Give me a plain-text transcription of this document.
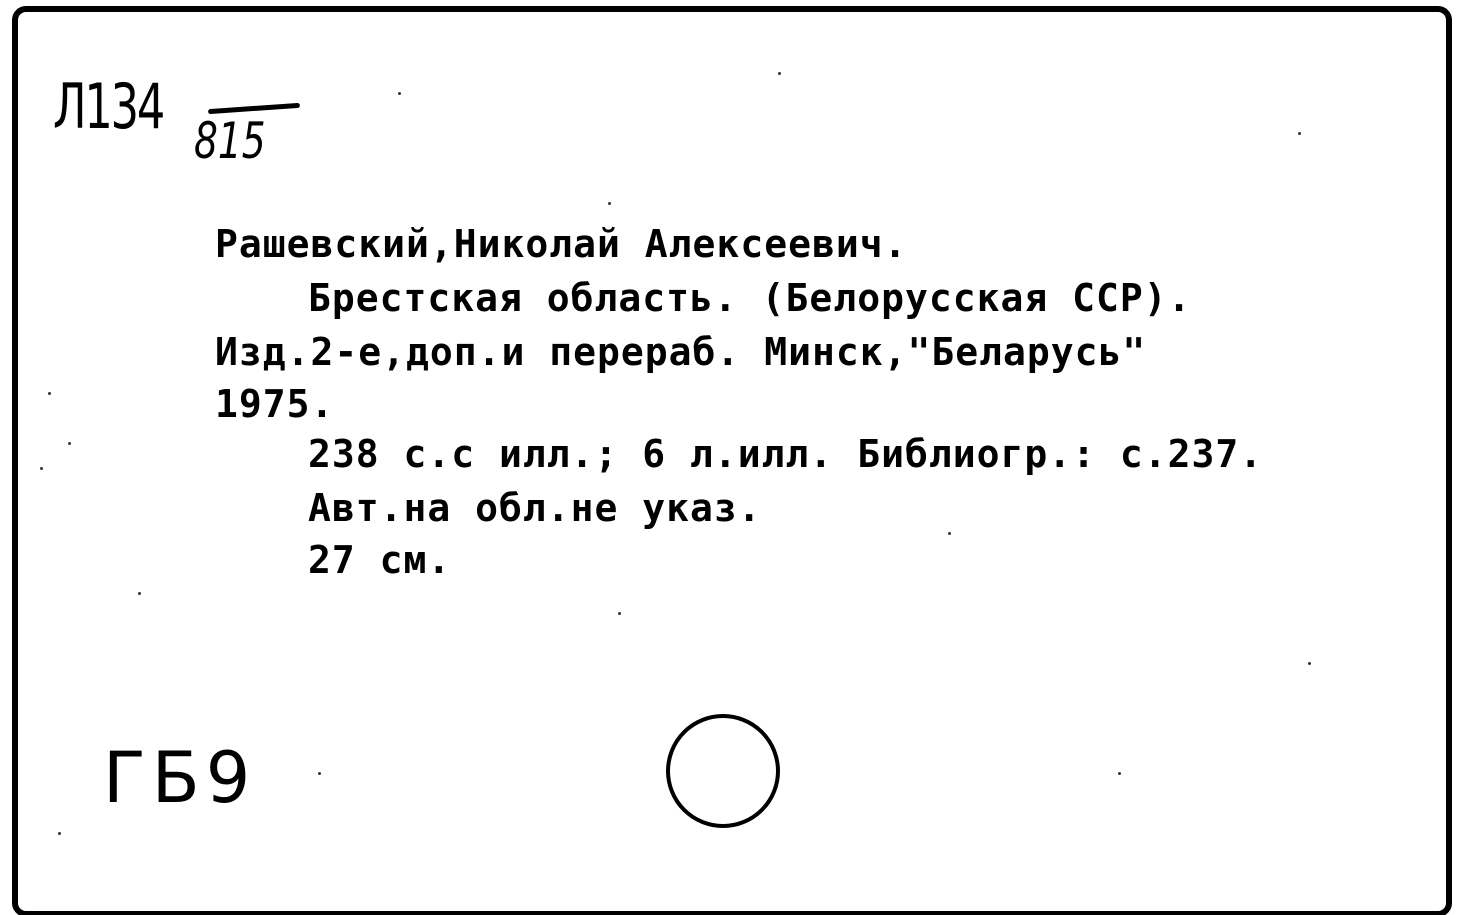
Л134 815
Рашевский,Николай Алексеевич.
Брестская область. (Белорусская ССР).
Изд.2-е,доп.и перераб. Минск,"Беларусь"
1975.
238 с.с илл.; 6 л.илл. Библиогр.: с.237.
Авт.на обл.не указ.
27 см.
ГБ9
